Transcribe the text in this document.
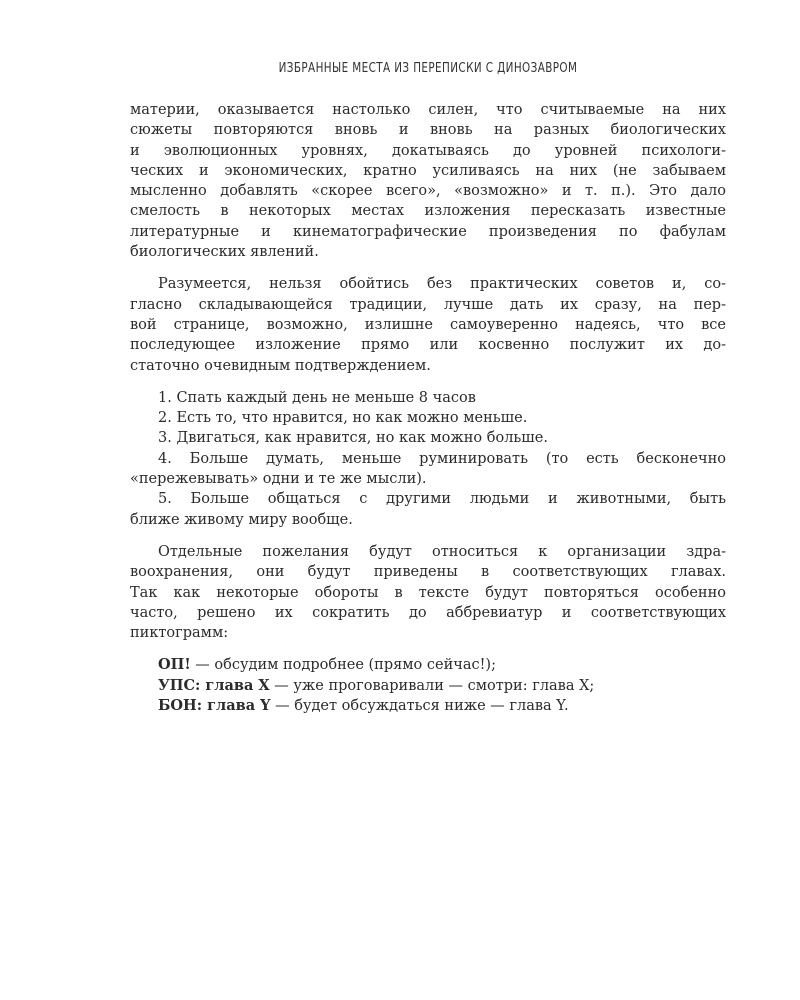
ИЗБРАННЫЕ МЕСТА ИЗ ПЕРЕПИСКИ С ДИНОЗАВРОМ
материи, оказывается настолько силен, что считываемые на них
сюжеты повторяются вновь и вновь на разных биологических
и эволюционных уровнях, докатываясь до уровней психологи-
ческих и экономических, кратно усиливаясь на них (не забываем
мысленно добавлять «скорее всего», «возможно» и т. п.). Это дало
смелость в некоторых местах изложения пересказать известные
литературные и кинематографические произведения по фабулам
биологических явлений.
Разумеется, нельзя обойтись без практических советов и, со-
гласно складывающейся традиции, лучше дать их сразу, на пер-
вой странице, возможно, излишне самоуверенно надеясь, что все
последующее изложение прямо или косвенно послужит их до-
статочно очевидным подтверждением.
1. Спать каждый день не меньше 8 часов
2. Есть то, что нравится, но как можно меньше.
3. Двигаться, как нравится, но как можно больше.
4. Больше думать, меньше руминировать (то есть бесконечно
«пережевывать» одни и те же мысли).
5. Больше общаться с другими людьми и животными, быть
ближе живому миру вообще.
Отдельные пожелания будут относиться к организации здра-
воохранения, они будут приведены в соответствующих главах.
Так как некоторые обороты в тексте будут повторяться особенно
часто, решено их сократить до аббревиатур и соответствующих
пиктограмм:
ОП! — обсудим подробнее (прямо сейчас!);
УПС: глава X — уже проговаривали — смотри: глава X;
БОН: глава Y — будет обсуждаться ниже — глава Y.
